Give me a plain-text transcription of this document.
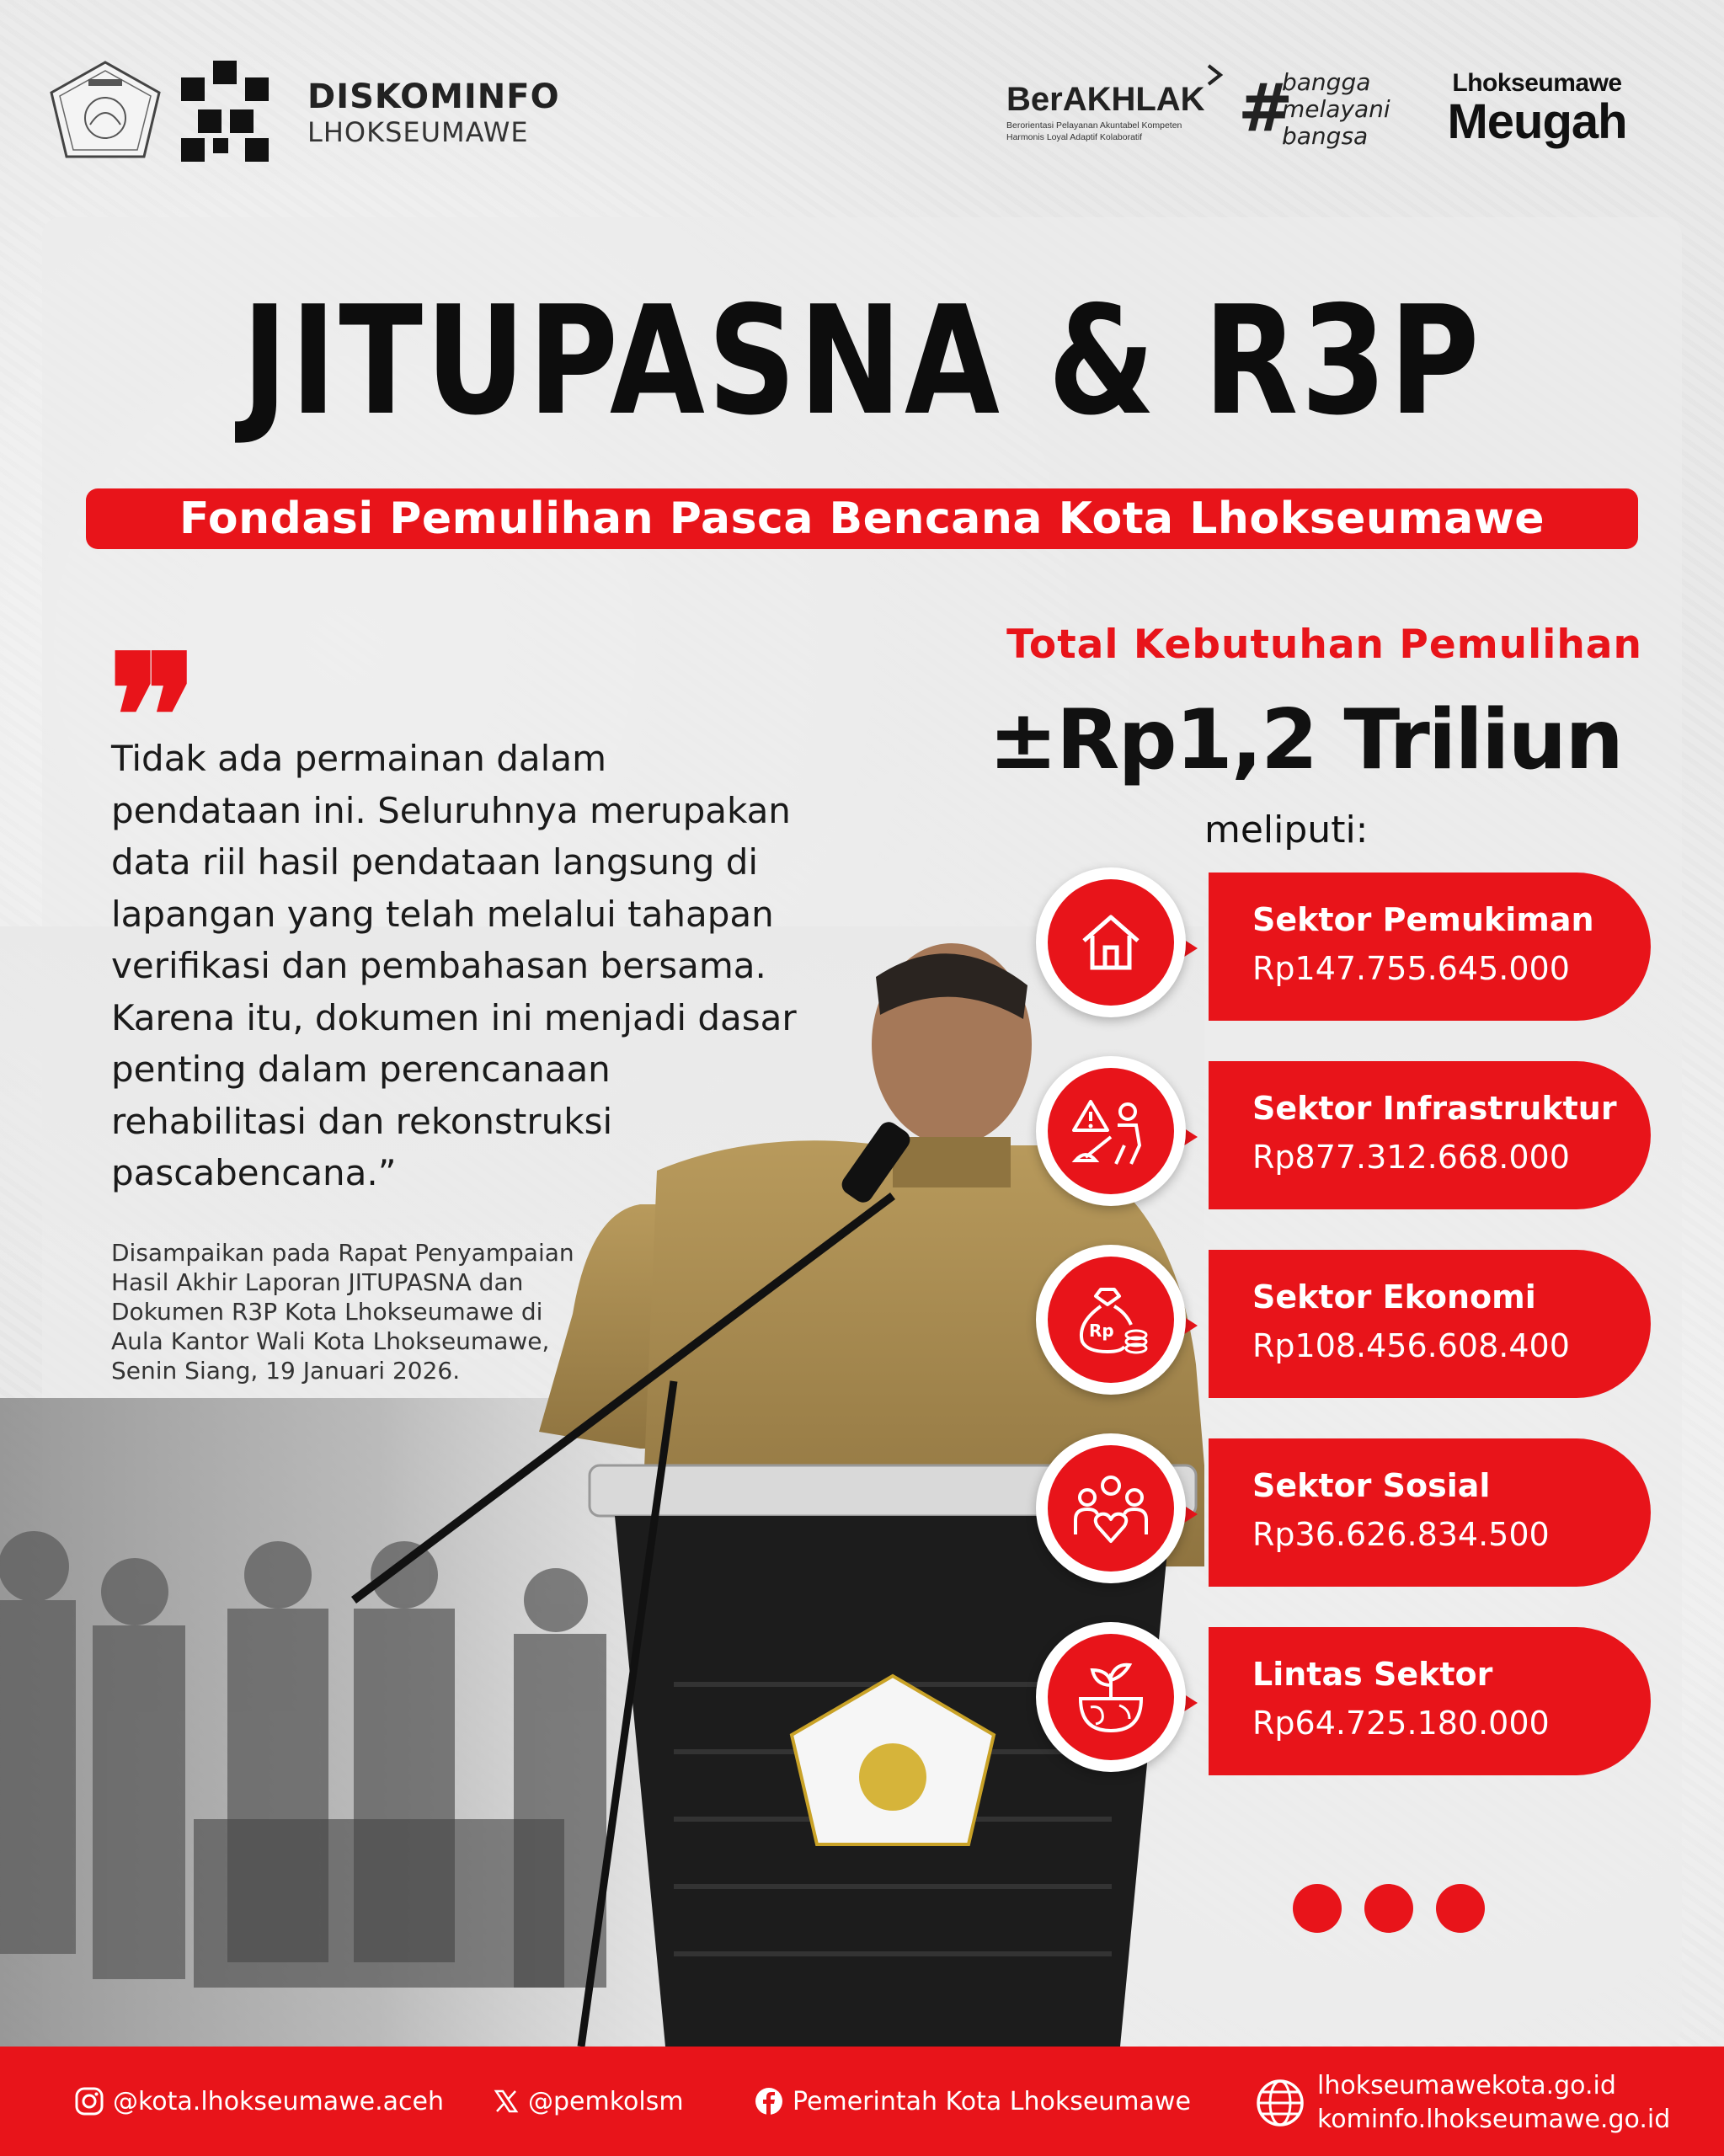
DISKOMINFO
LHOKSEUMAWE
BerAKHLAK
Berorientasi Pelayanan Akuntabel Kompeten
Harmonis Loyal Adaptif Kolaboratif	#
bangga
melayani
bangsa
Lhokseumawe
Meugah
JITUPASNA & R3P
Fondasi Pemulihan Pasca Bencana Kota Lhokseumawe
❞
Tidak ada permainan dalam
pendataan ini. Seluruhnya merupakan
data riil hasil pendataan langsung di
lapangan yang telah melalui tahapan
verifikasi dan pembahasan bersama.
Karena itu, dokumen ini menjadi dasar
penting dalam perencanaan
rehabilitasi dan rekonstruksi
pascabencana.”
Disampaikan pada Rapat Penyampaian
Hasil Akhir Laporan JITUPASNA dan
Dokumen R3P Kota Lhokseumawe di
Aula Kantor Wali Kota Lhokseumawe,
Senin Siang, 19 Januari 2026.
Total Kebutuhan Pemulihan
±Rp1,2 Triliun
meliputi:
Sektor Pemukiman
Rp147.755.645.000
Sektor Infrastruktur
Rp877.312.668.000
Sektor Ekonomi
Rp108.456.608.400
Rp
Sektor Sosial
Rp36.626.834.500
Lintas Sektor
Rp64.725.180.000
@kota.lhokseumawe.aceh	@pemkolsm	Pemerintah Kota Lhokseumawe
lhokseumawekota.go.id
kominfo.lhokseumawe.go.id
